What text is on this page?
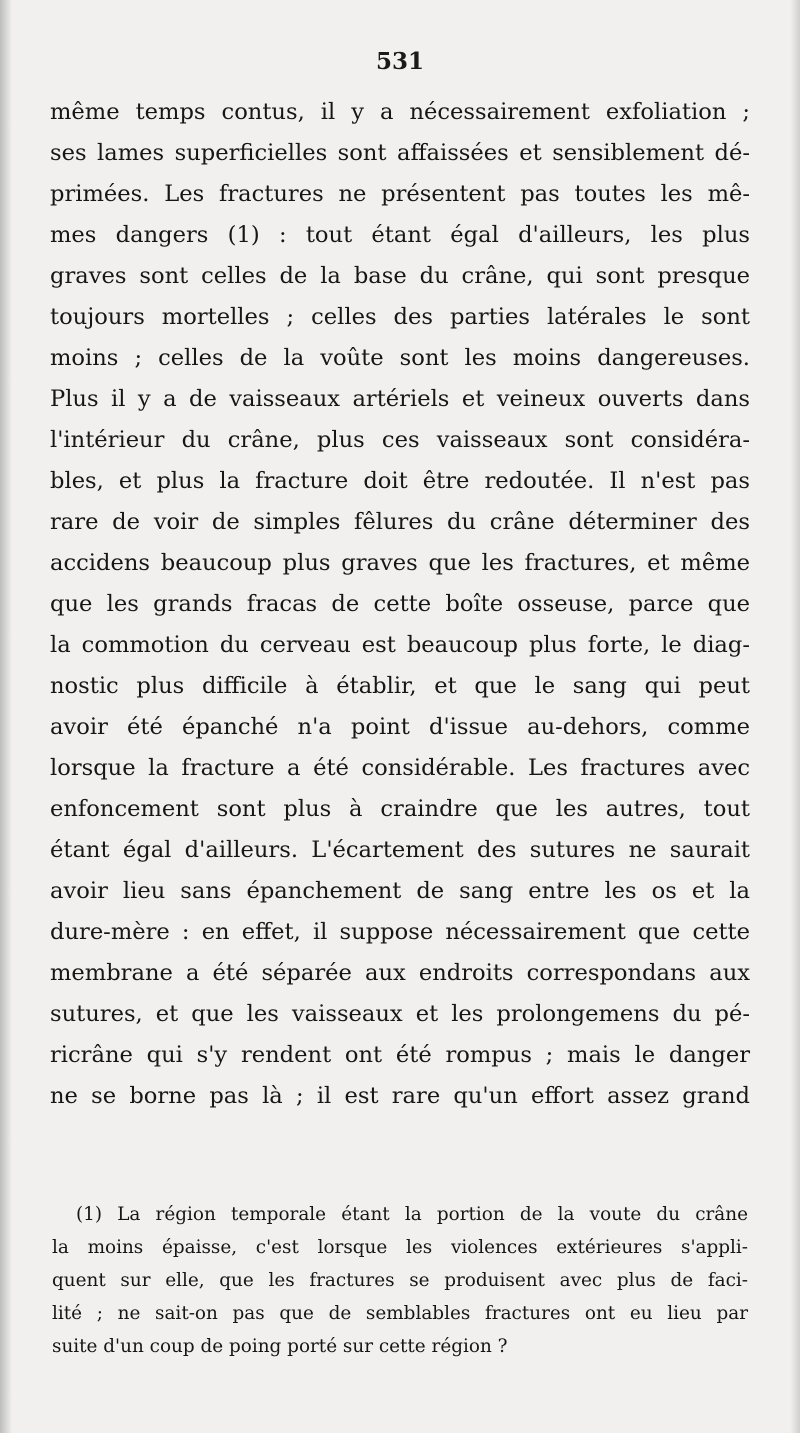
531
même temps contus, il y a nécessairement exfoliation ;
ses lames superficielles sont affaissées et sensiblement dé-
primées. Les fractures ne présentent pas toutes les mê-
mes dangers (1) : tout étant égal d'ailleurs, les plus
graves sont celles de la base du crâne, qui sont presque
toujours mortelles ; celles des parties latérales le sont
moins ; celles de la voûte sont les moins dangereuses.
Plus il y a de vaisseaux artériels et veineux ouverts dans
l'intérieur du crâne, plus ces vaisseaux sont considéra-
bles, et plus la fracture doit être redoutée. Il n'est pas
rare de voir de simples fêlures du crâne déterminer des
accidens beaucoup plus graves que les fractures, et même
que les grands fracas de cette boîte osseuse, parce que
la commotion du cerveau est beaucoup plus forte, le diag-
nostic plus difficile à établir, et que le sang qui peut
avoir été épanché n'a point d'issue au-dehors, comme
lorsque la fracture a été considérable. Les fractures avec
enfoncement sont plus à craindre que les autres, tout
étant égal d'ailleurs. L'écartement des sutures ne saurait
avoir lieu sans épanchement de sang entre les os et la
dure-mère : en effet, il suppose nécessairement que cette
membrane a été séparée aux endroits correspondans aux
sutures, et que les vaisseaux et les prolongemens du pé-
ricrâne qui s'y rendent ont été rompus ; mais le danger
ne se borne pas là ; il est rare qu'un effort assez grand
(1) La région temporale étant la portion de la voute du crâne
la moins épaisse, c'est lorsque les violences extérieures s'appli-
quent sur elle, que les fractures se produisent avec plus de faci-
lité ; ne sait-on pas que de semblables fractures ont eu lieu par
suite d'un coup de poing porté sur cette région ?
